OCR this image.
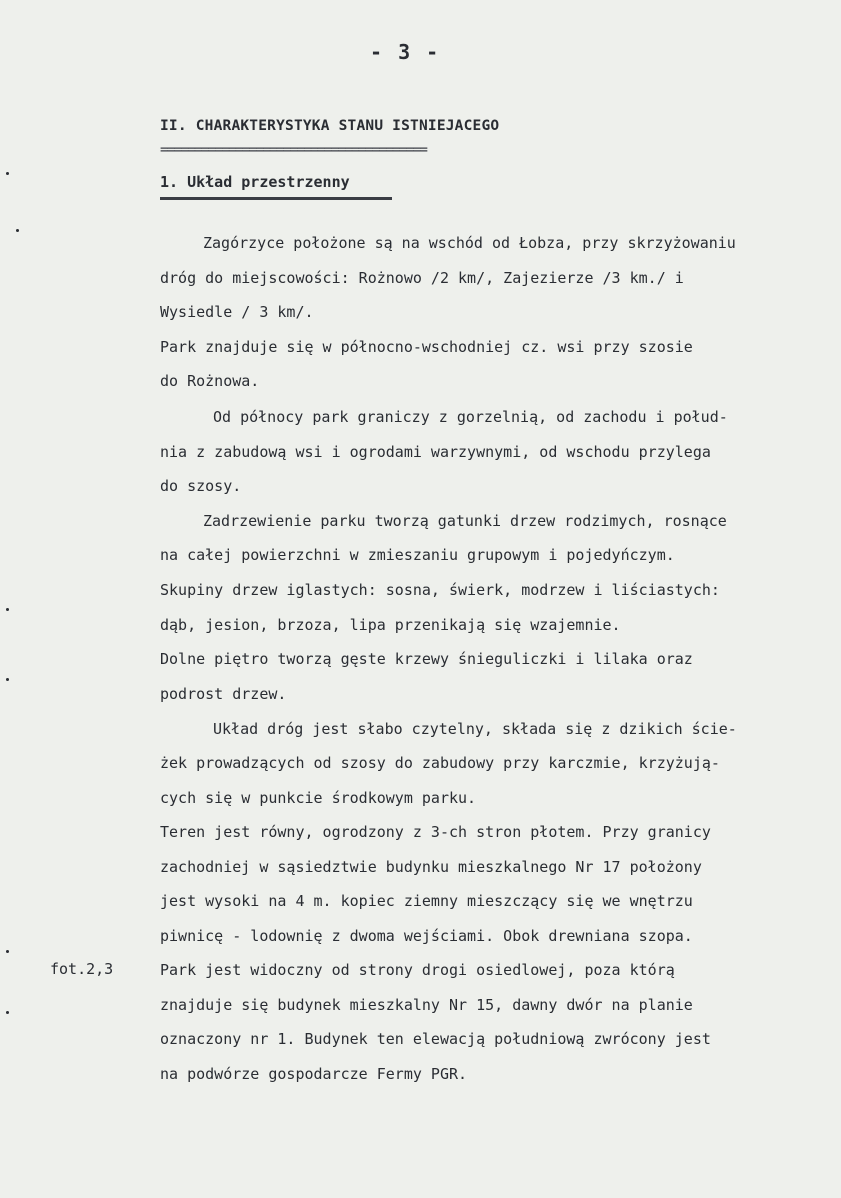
- 3 -
II. CHARAKTERYSTYKA STANU ISTNIEJACEGO
=======================================
1. Układ przestrzenny
fot.2,3
Zagórzyce położone są na wschód od Łobza, przy skrzyżowaniu
dróg do miejscowości: Rożnowo /2 km/, Zajezierze /3 km./ i
Wysiedle / 3 km/.
Park znajduje się w północno-wschodniej cz. wsi przy szosie
do Rożnowa.
Od północy park graniczy z gorzelnią, od zachodu i połud-
nia z zabudową wsi i ogrodami warzywnymi, od wschodu przylega
do szosy.
Zadrzewienie parku tworzą gatunki drzew rodzimych, rosnące
na całej powierzchni w zmieszaniu grupowym i pojedyńczym.
Skupiny drzew iglastych: sosna, świerk, modrzew i liściastych:
dąb, jesion, brzoza, lipa przenikają się wzajemnie.
Dolne piętro tworzą gęste krzewy śnieguliczki i lilaka oraz
podrost drzew.
Układ dróg jest słabo czytelny, składa się z dzikich ście-
żek prowadzących od szosy do zabudowy przy karczmie, krzyżują-
cych się w punkcie środkowym parku.
Teren jest równy, ogrodzony z 3-ch stron płotem. Przy granicy
zachodniej w sąsiedztwie budynku mieszkalnego Nr 17 położony
jest wysoki na 4 m. kopiec ziemny mieszczący się we wnętrzu
piwnicę - lodownię z dwoma wejściami. Obok drewniana szopa.
Park jest widoczny od strony drogi osiedlowej, poza którą
znajduje się budynek mieszkalny Nr 15, dawny dwór na planie
oznaczony nr 1. Budynek ten elewacją południową zwrócony jest
na podwórze gospodarcze Fermy PGR.
